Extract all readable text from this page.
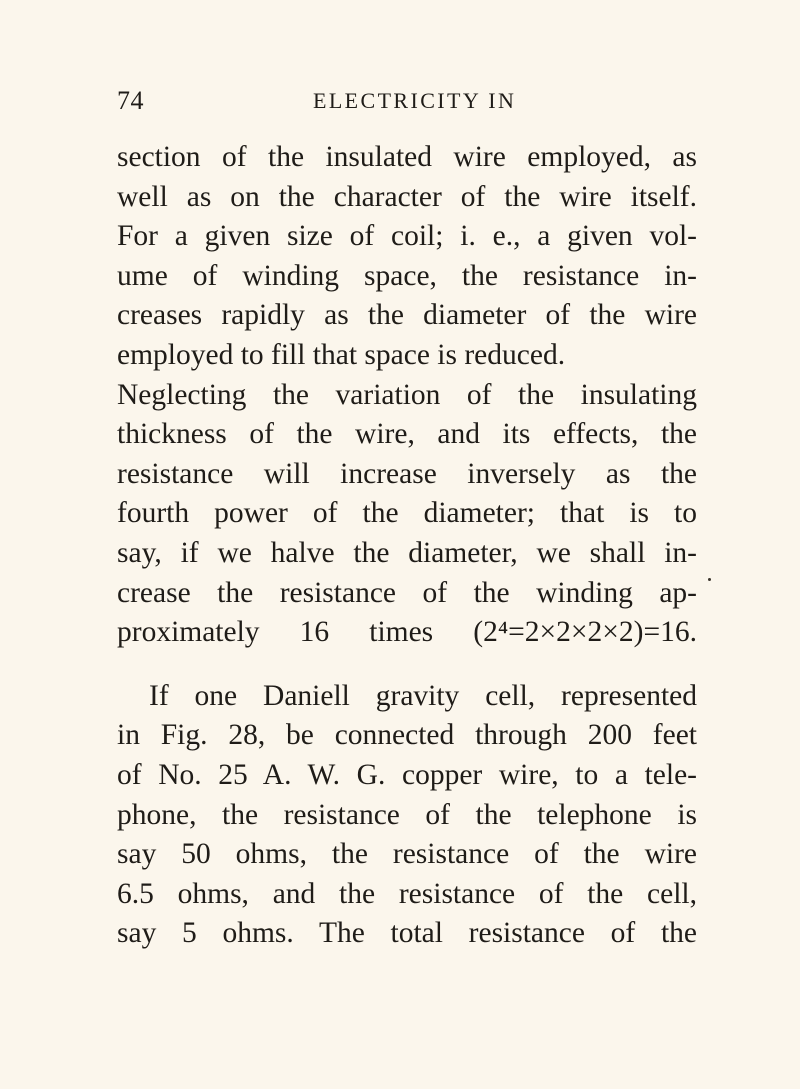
74	ELECTRICITY IN
section of the insulated wire employed, as
well as on the character of the wire itself.
For a given size of coil; i. e., a given vol-
ume of winding space, the resistance in-
creases rapidly as the diameter of the wire
employed to fill that space is reduced.
Neglecting the variation of the insulating
thickness of the wire, and its effects, the
resistance will increase inversely as the
fourth power of the diameter; that is to
say, if we halve the diameter, we shall in-
crease the resistance of the winding ap-
proximately 16 times (2⁴=2×2×2×2)=16.
If one Daniell gravity cell, represented
in Fig. 28, be connected through 200 feet
of No. 25 A. W. G. copper wire, to a tele-
phone, the resistance of the telephone is
say 50 ohms, the resistance of the wire
6.5 ohms, and the resistance of the cell,
say 5 ohms. The total resistance of the
